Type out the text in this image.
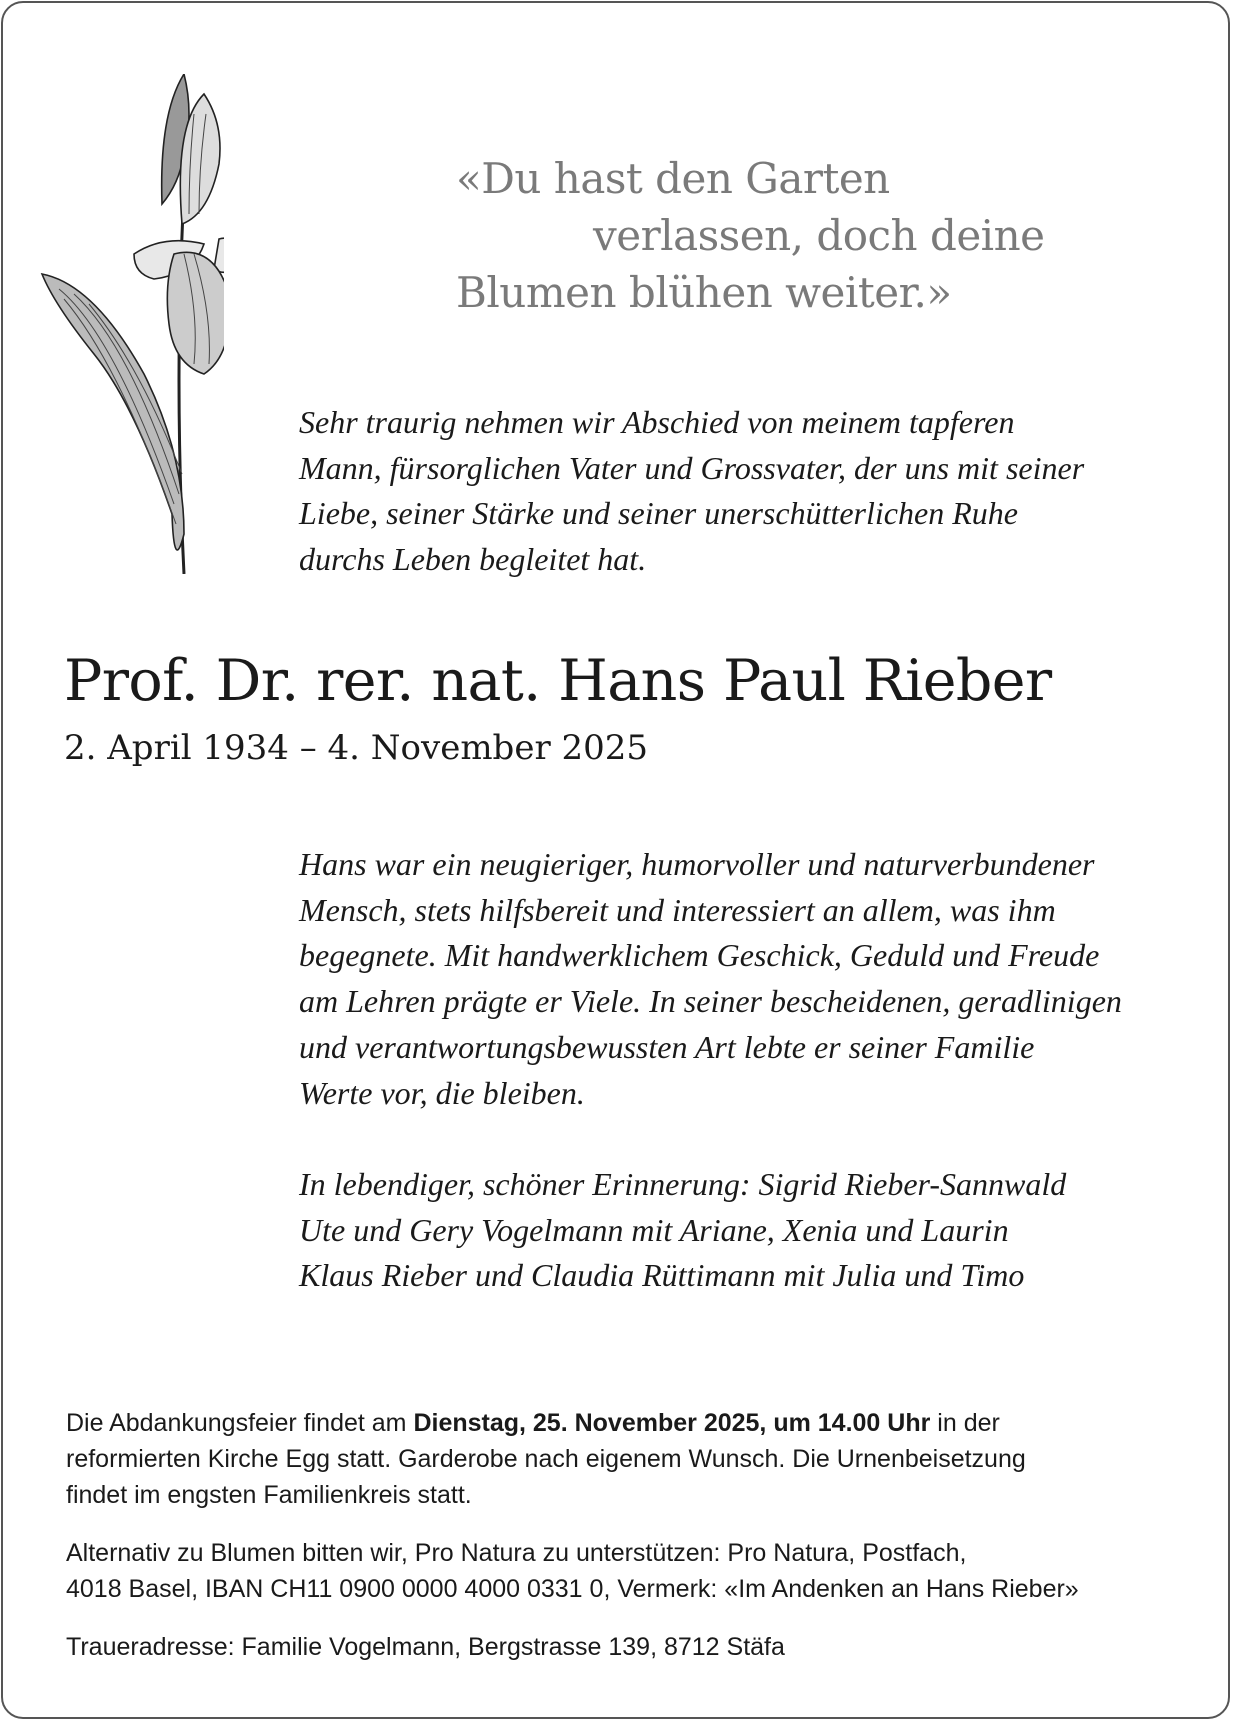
«Du hast den Garten
verlassen, doch deine
Blumen blühen weiter.»
Sehr traurig nehmen wir Abschied von meinem tapferen
Mann, fürsorglichen Vater und Grossvater, der uns mit seiner
Liebe, seiner Stärke und seiner unerschütterlichen Ruhe
durchs Leben begleitet hat.
Prof. Dr. rer. nat. Hans Paul Rieber
2. April 1934 – 4. November 2025

Hans war ein neugieriger, humorvoller und naturverbundener
Mensch, stets hilfsbereit und interessiert an allem, was ihm
begegnete. Mit handwerklichem Geschick, Geduld und Freude
am Lehren prägte er Viele. In seiner bescheidenen, geradlinigen
und verantwortungsbewussten Art lebte er seiner Familie
Werte vor, die bleiben.

In lebendiger, schöner Erinnerung: Sigrid Rieber-Sannwald
Ute und Gery Vogelmann mit Ariane, Xenia und Laurin
Klaus Rieber und Claudia Rüttimann mit Julia und Timo

Die Abdankungsfeier findet am Dienstag, 25. November 2025, um 14.00 Uhr in der
reformierten Kirche Egg statt. Garderobe nach eigenem Wunsch. Die Urnenbeisetzung
findet im engsten Familienkreis statt.

Alternativ zu Blumen bitten wir, Pro Natura zu unterstützen: Pro Natura, Postfach,
4018 Basel, IBAN CH11 0900 0000 4000 0331 0, Vermerk: «Im Andenken an Hans Rieber»

Traueradresse: Familie Vogelmann, Bergstrasse 139, 8712 Stäfa
